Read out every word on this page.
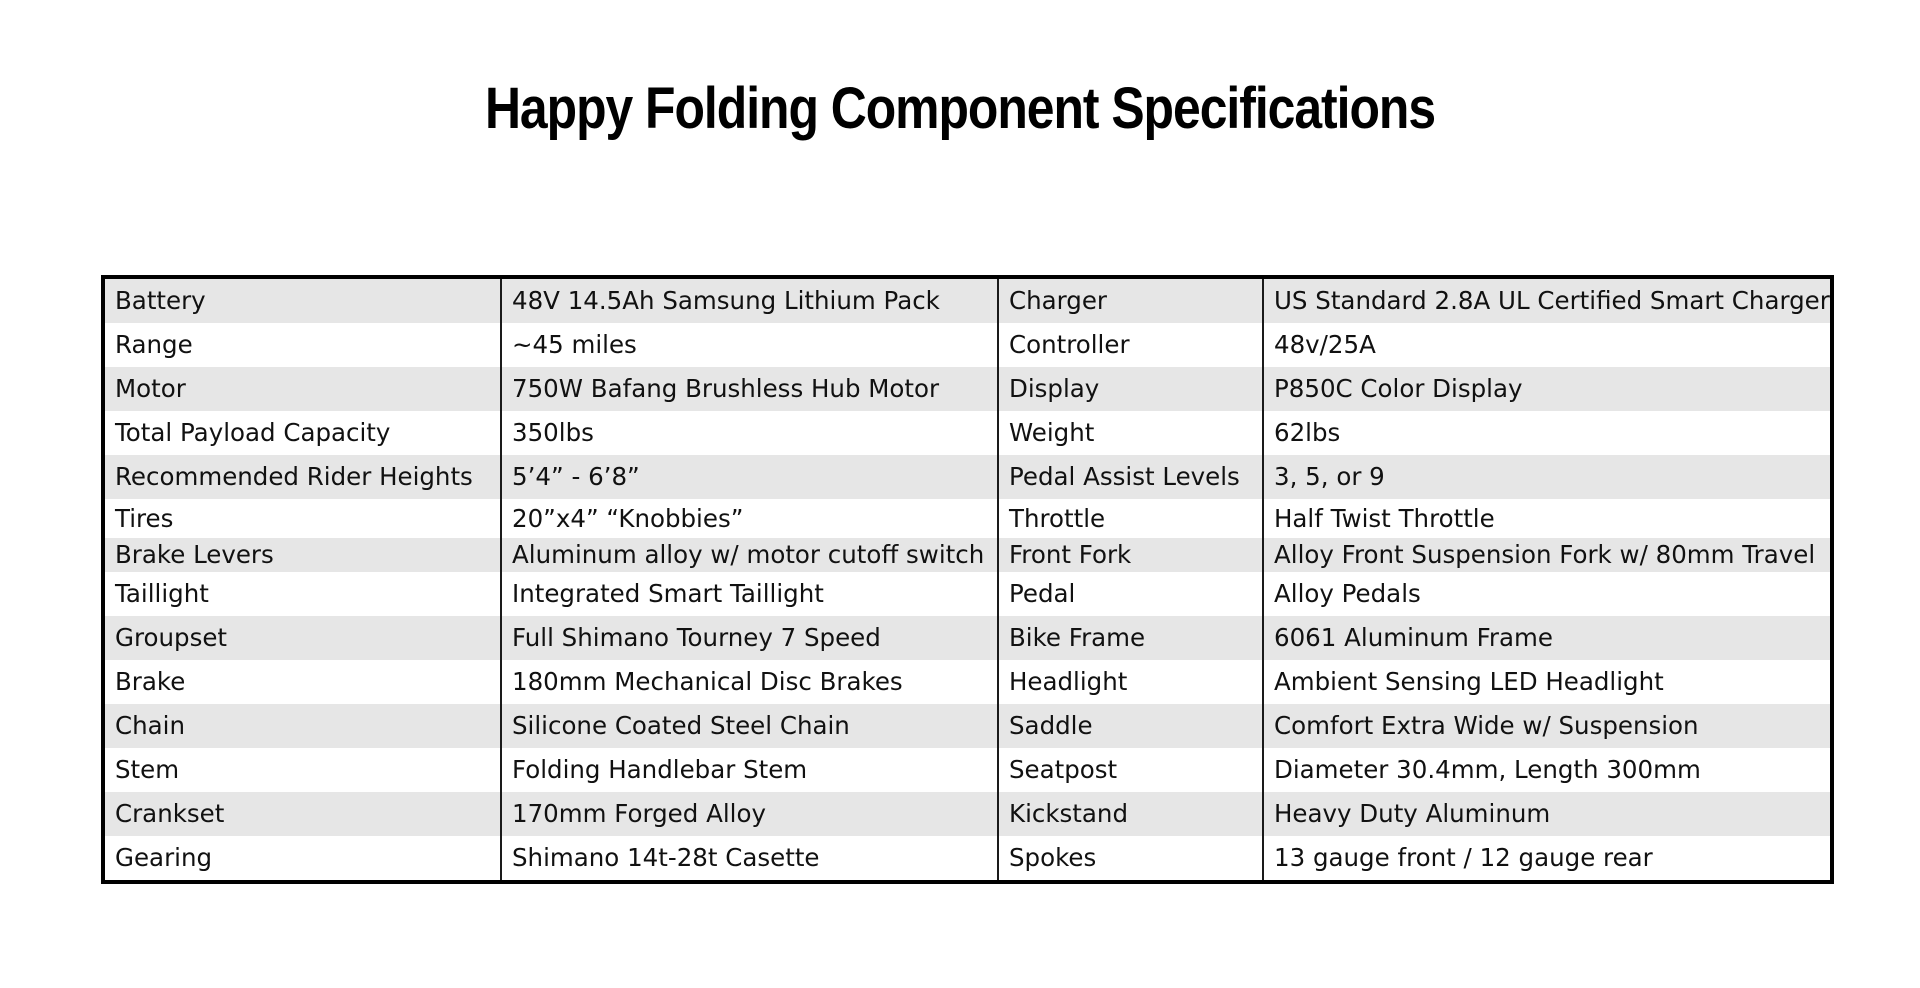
Happy Folding Component Specifications
Battery	48V 14.5Ah Samsung Lithium Pack	Charger	US Standard 2.8A UL Certified Smart Charger
Range	~45 miles	Controller	48v/25A
Motor	750W Bafang Brushless Hub Motor	Display	P850C Color Display
Total Payload Capacity	350lbs	Weight	62lbs
Recommended Rider Heights	5’4” - 6’8”	Pedal Assist Levels	3, 5, or 9
Tires	20”x4” “Knobbies”	Throttle	Half Twist Throttle
Brake Levers	Aluminum alloy w/ motor cutoff switch	Front Fork	Alloy Front Suspension Fork w/ 80mm Travel
Taillight	Integrated Smart Taillight	Pedal	Alloy Pedals
Groupset	Full Shimano Tourney 7 Speed	Bike Frame	6061 Aluminum Frame
Brake	180mm Mechanical Disc Brakes	Headlight	Ambient Sensing LED Headlight
Chain	Silicone Coated Steel Chain	Saddle	Comfort Extra Wide w/ Suspension
Stem	Folding Handlebar Stem	Seatpost	Diameter 30.4mm, Length 300mm
Crankset	170mm Forged Alloy	Kickstand	Heavy Duty Aluminum
Gearing	Shimano 14t-28t Casette	Spokes	13 gauge front / 12 gauge rear
